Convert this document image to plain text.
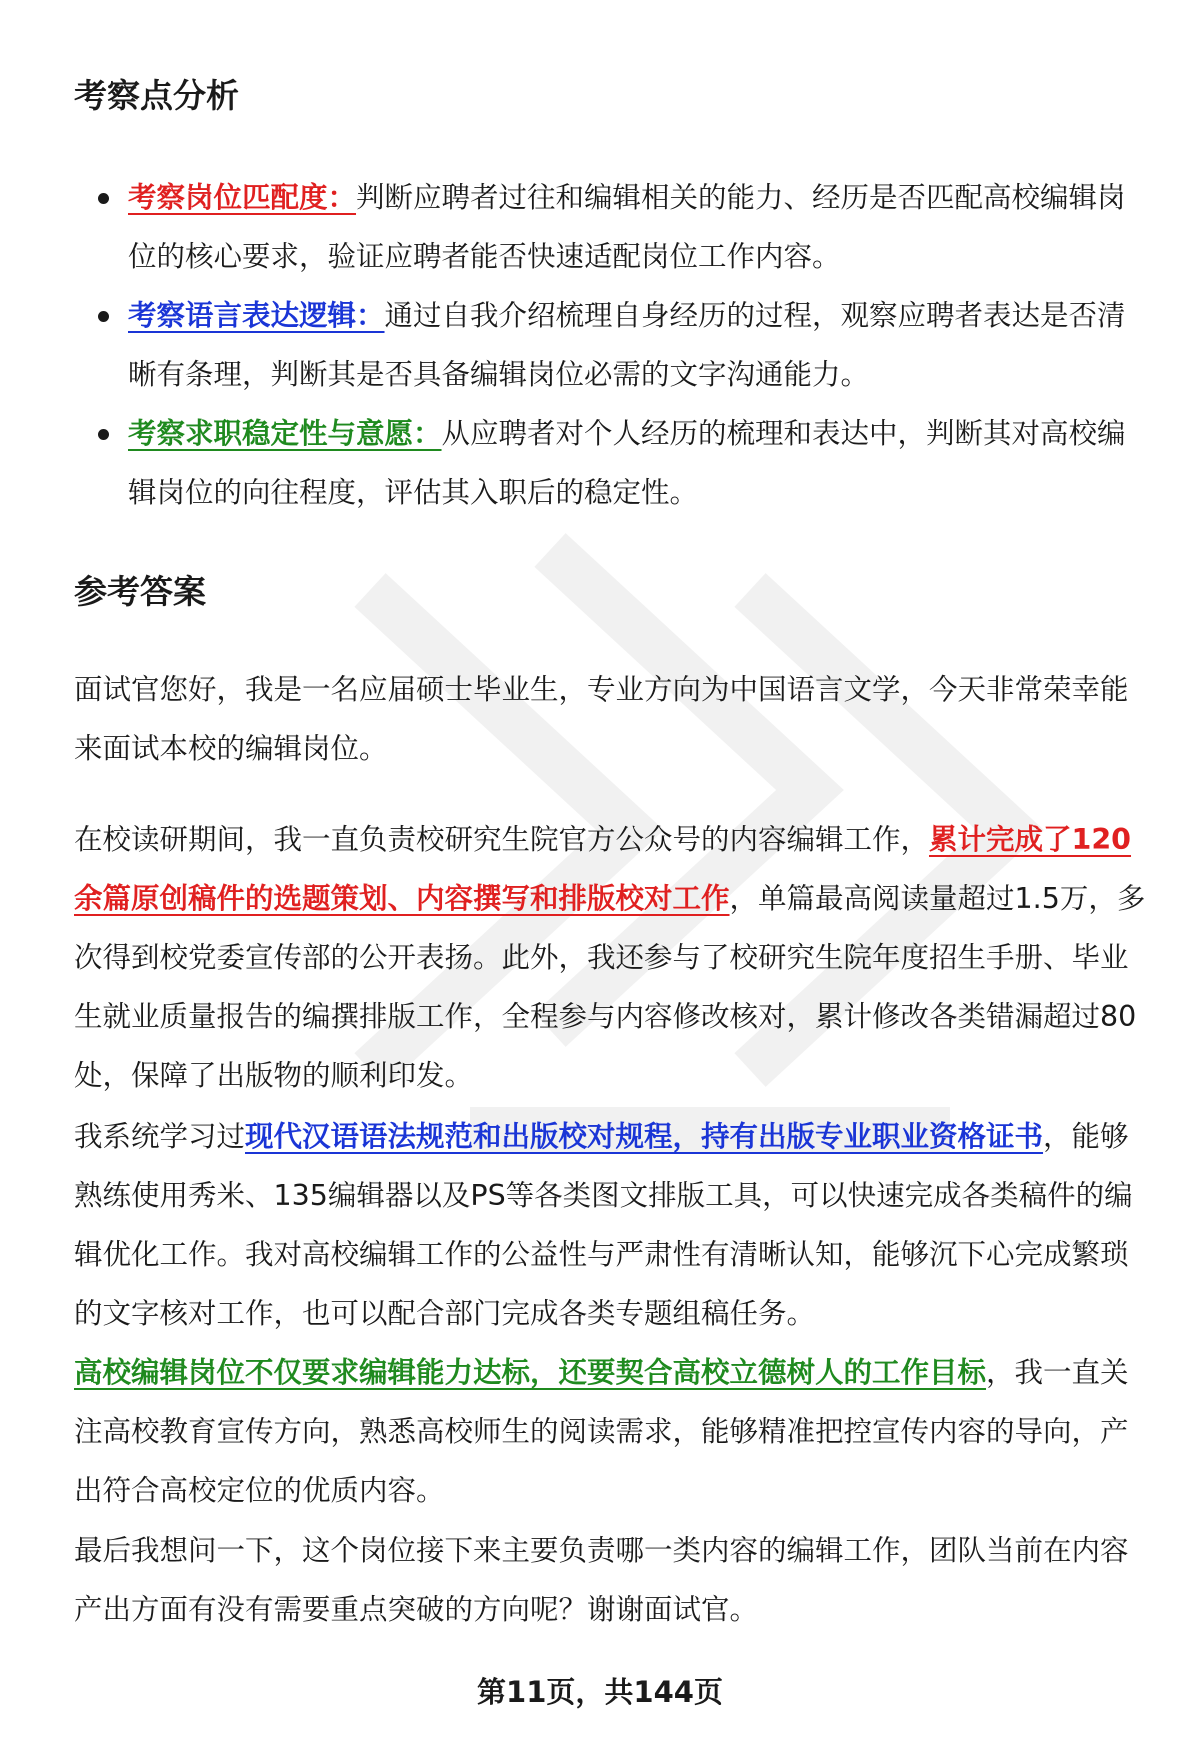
考察点分析
考察岗位匹配度：判断应聘者过往和编辑相关的能力、经历是否匹配高校编辑岗位的核心要求，验证应聘者能否快速适配岗位工作内容。
考察语言表达逻辑：通过自我介绍梳理自身经历的过程，观察应聘者表达是否清晰有条理，判断其是否具备编辑岗位必需的文字沟通能力。
考察求职稳定性与意愿：从应聘者对个人经历的梳理和表达中，判断其对高校编辑岗位的向往程度，评估其入职后的稳定性。
参考答案

面试官您好，我是一名应届硕士毕业生，专业方向为中国语言文学，今天非常荣幸能来面试本校的编辑岗位。

在校读研期间，我一直负责校研究生院官方公众号的内容编辑工作，累计完成了120余篇原创稿件的选题策划、内容撰写和排版校对工作，单篇最高阅读量超过1.5万，多次得到校党委宣传部的公开表扬。此外，我还参与了校研究生院年度招生手册、毕业生就业质量报告的编撰排版工作，全程参与内容修改核对，累计修改各类错漏超过80处，保障了出版物的顺利印发。

我系统学习过现代汉语语法规范和出版校对规程，持有出版专业职业资格证书，能够熟练使用秀米、135编辑器以及PS等各类图文排版工具，可以快速完成各类稿件的编辑优化工作。我对高校编辑工作的公益性与严肃性有清晰认知，能够沉下心完成繁琐的文字核对工作，也可以配合部门完成各类专题组稿任务。

高校编辑岗位不仅要求编辑能力达标，还要契合高校立德树人的工作目标，我一直关注高校教育宣传方向，熟悉高校师生的阅读需求，能够精准把控宣传内容的导向，产出符合高校定位的优质内容。

最后我想问一下，这个岗位接下来主要负责哪一类内容的编辑工作，团队当前在内容产出方面有没有需要重点突破的方向呢？谢谢面试官。

第11页，共144页
